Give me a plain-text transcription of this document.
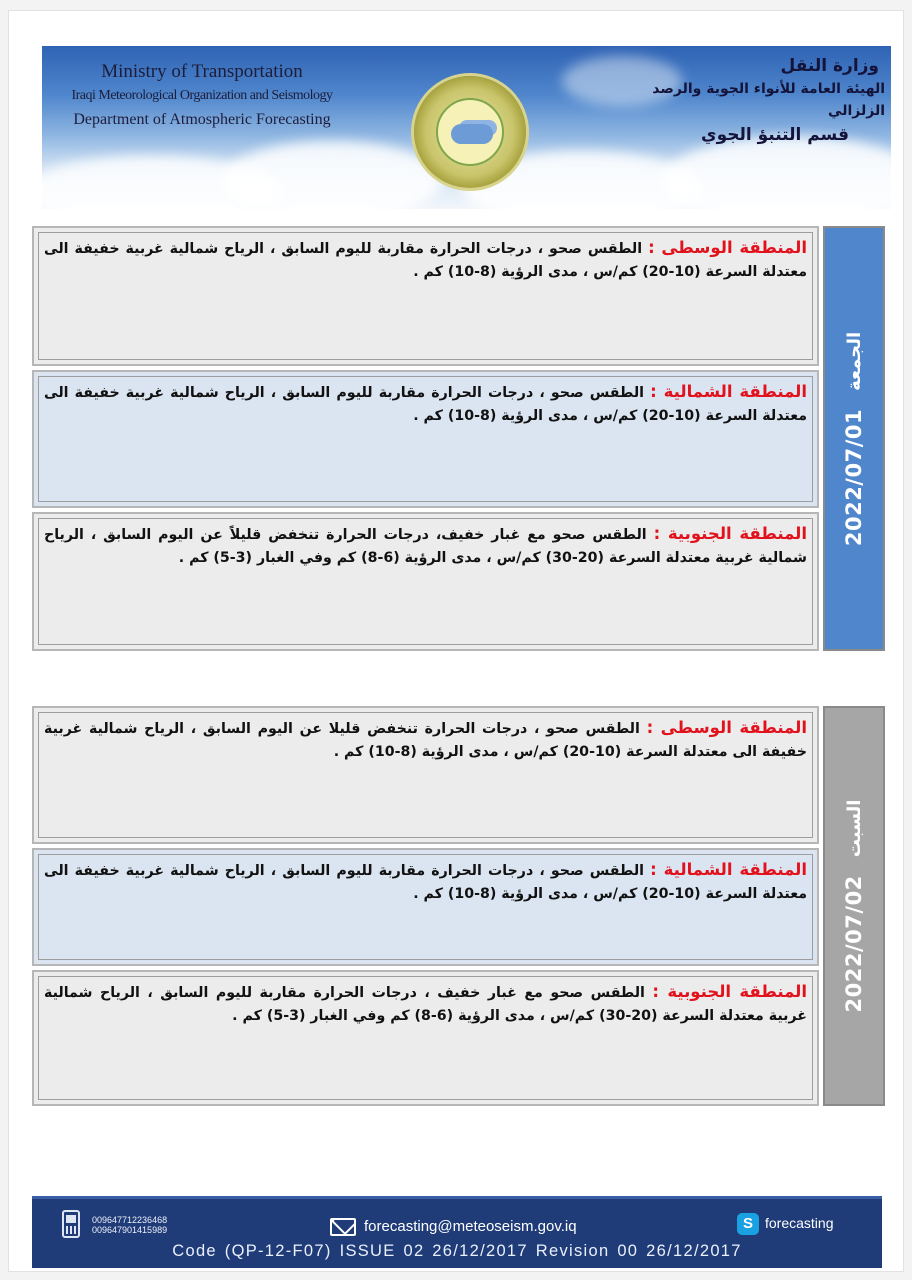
Ministry of Transportation
Iraqi Meteorological Organization and Seismology
Department of Atmospheric Forecasting
وزارة النقل
الهيئة العامة للأنواء الجوية والرصد الزلزالي
قسم التنبؤ الجوي

المنطقة الوسطى : الطقس صحو ، درجات الحرارة مقاربة لليوم السابق ، الرياح شمالية غربية خفيفة الى معتدلة السرعة (10-20) كم/س ، مدى الرؤية (8-10) كم .

المنطقة الشمالية : الطقس صحو ، درجات الحرارة مقاربة لليوم السابق ، الرياح شمالية غربية خفيفة الى معتدلة السرعة (10-20) كم/س ، مدى الرؤية (8-10) كم .

المنطقة الجنوبية : الطقس صحو مع غبار خفيف، درجات الحرارة تنخفض قليلاً عن اليوم السابق ، الرياح شمالية غربية معتدلة السرعة (20-30) كم/س ، مدى الرؤية (6-8) كم وفي الغبار (3-5) كم .

2022/07/01
الجمعة

المنطقة الوسطى : الطقس صحو ، درجات الحرارة تنخفض قليلا عن اليوم السابق ، الرياح شمالية غربية خفيفة الى معتدلة السرعة (10-20) كم/س ، مدى الرؤية (8-10) كم .

المنطقة الشمالية : الطقس صحو ، درجات الحرارة مقاربة لليوم السابق ، الرياح شمالية غربية خفيفة الى معتدلة السرعة (10-20) كم/س ، مدى الرؤية (8-10) كم .

المنطقة الجنوبية : الطقس صحو مع غبار خفيف ، درجات الحرارة مقاربة لليوم السابق ، الرياح شمالية غربية معتدلة السرعة (20-30) كم/س ، مدى الرؤية (6-8) كم وفي الغبار (3-5) كم .

2022/07/02
السبت
009647712236468
009647901415989	forecasting@meteoseism.gov.iq	S forecasting
Code (QP-12-F07) ISSUE 02 26/12/2017 Revision 00 26/12/2017
